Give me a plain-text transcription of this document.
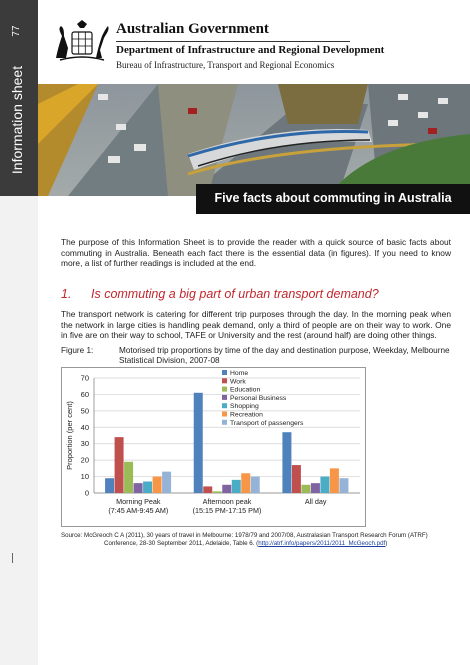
77
Information sheet
Australian Government
Department of Infrastructure and Regional Development
Bureau of Infrastructure, Transport and Regional Economics
Five facts about commuting in Australia
The purpose of this Information Sheet is to provide the reader with a quick source of basic facts about commuting in Australia. Beneath each fact there is the essential data (in figures). If you need to know more, a list of further readings is included at the end.
1. Is commuting a big part of urban transport demand?
The transport network is catering for different trip purposes through the day. In the morning peak when the network in large cities is handling peak demand, only a third of people are on their way to work. One in five are on their way to school, TAFE or University and the rest (around half) are doing other things.
Figure 1:	Motorised trip proportions by time of the day and destination purpose, Weekday, Melbourne Statistical Division, 2007-08
0
10
20
30
40
50
60
70
Proportion (per cent)
Morning Peak
(7:45 AM-9:45 AM)
Afternoon peak
(15:15 PM-17:15 PM)
All day
Home
Work
Education
Personal Business
Shopping
Recreation
Transport of passengers
Source: McGreoch C A (2011), 30 years of travel in Melbourne: 1978/79 and 2007/08, Australasian Transport Research Forum (ATRF)
Conference, 28-30 September 2011, Adelaide, Table 6. (http://atrf.info/papers/2011/2011_McGeoch.pdf)
